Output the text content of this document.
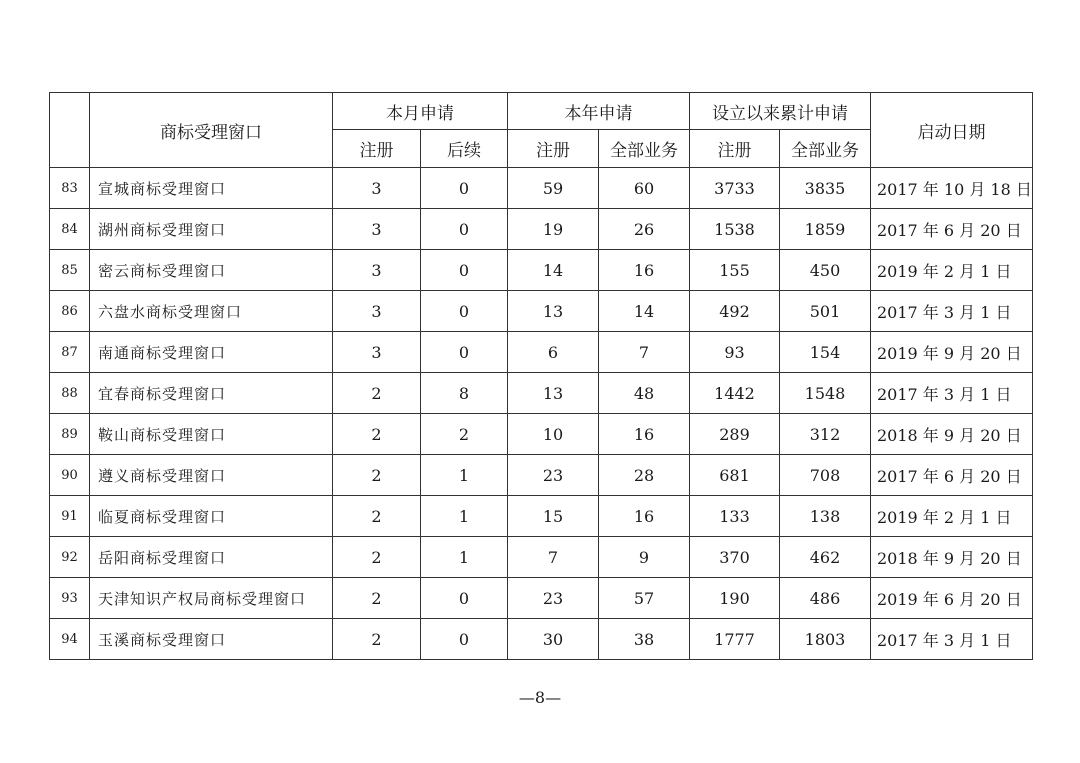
	商标受理窗口	本月申请		本年申请		设立以来累计申请		启动日期
		注册	后续	注册	全部业务	注册	全部业务	
83	宣城商标受理窗口	3	0	59	60	3733	3835	2017 年 10 月 18 日
84	湖州商标受理窗口	3	0	19	26	1538	1859	2017 年 6 月 20 日
85	密云商标受理窗口	3	0	14	16	155	450	2019 年 2 月 1 日
86	六盘水商标受理窗口	3	0	13	14	492	501	2017 年 3 月 1 日
87	南通商标受理窗口	3	0	6	7	93	154	2019 年 9 月 20 日
88	宜春商标受理窗口	2	8	13	48	1442	1548	2017 年 3 月 1 日
89	鞍山商标受理窗口	2	2	10	16	289	312	2018 年 9 月 20 日
90	遵义商标受理窗口	2	1	23	28	681	708	2017 年 6 月 20 日
91	临夏商标受理窗口	2	1	15	16	133	138	2019 年 2 月 1 日
92	岳阳商标受理窗口	2	1	7	9	370	462	2018 年 9 月 20 日
93	天津知识产权局商标受理窗口	2	0	23	57	190	486	2019 年 6 月 20 日
94	玉溪商标受理窗口	2	0	30	38	1777	1803	2017 年 3 月 1 日
—8—
